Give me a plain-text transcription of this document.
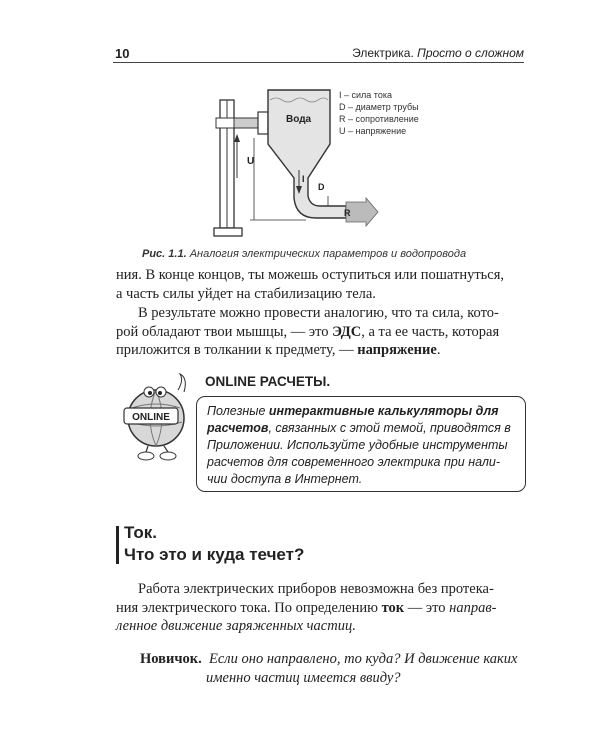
10	Электрика. Просто о сложном
U
Вода
I
D
R
I – сила тока
D – диаметр трубы
R – сопротивление
U – напряжение
Рис. 1.1. Аналогия электрических параметров и водопровода
ния. В конце концов, ты можешь оступиться или пошатнуться,
а часть силы уйдет на стабилизацию тела.
В результате можно провести аналогию, что та сила, кото-
рой обладают твои мышцы, — это ЭДС, а та ее часть, которая
приложится в толкании к предмету, — напряжение.
ONLINE
ONLINE РАСЧЕТЫ.
Полезные интерактивные калькуляторы для
расчетов, связанных с этой темой, приводятся в
Приложении. Используйте удобные инструменты
расчетов для современного электрика при нали-
чии доступа в Интернет.
Ток.
Что это и куда течет?
Работа электрических приборов невозможна без протека-
ния электрического тока. По определению ток — это направ-
ленное движение заряженных частиц.
Новичок. Если оно направлено, то куда? И движение каких
именно частиц имеется ввиду?
